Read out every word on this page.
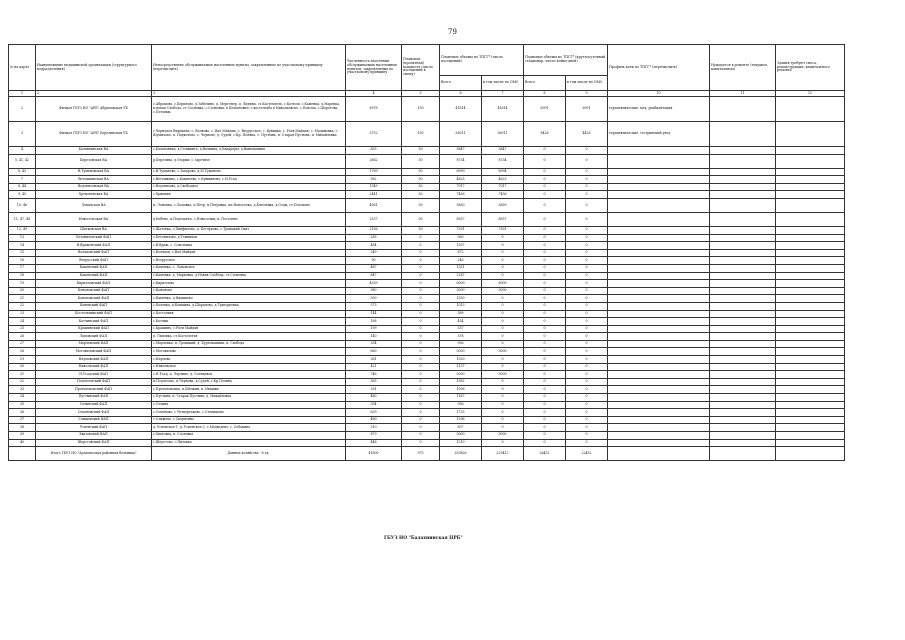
79
№ на карте	Наименование медицинской организации (структурного подразделения)	Непосредственно обслуживаемые населенные пункты, закрепленные по участковому принципу (перечислить)	Численность населения обслуживаемых населенных пунктов, закрепленных по участковому принципу	Плановая (проектная) мощность (число посещений в смену)	Плановые объемы по ТПГГ* (число посещений)		Плановые объемы по ТПГГ* (круглосуточный стационар, число койко-дней)		Профиль коек по ТПГГ* (перечислить)	Нуждается в ремонте (текущем, капитальном)	Здания требуют сноса, реконструкции, капитального ремонта
					Всего	в том числе по ОМС	Всего	в том числе по ОМС			
1	2	3	4	5	6	7	8	9	10	11	12
2	Филиал ГБУЗ НО "АРБ" Абрамовская УБ	с.Абрамово, с.Берилово, д.Забелино, д. Мергенер, д. Лидина, ст.Кастемтель, с.Котюси, с.Каменка, д.Маревка, п.новая Слобода, ст.Сосновка, с.Сосновка, в Шопенович, с.востелгаба в Николаевске, с.Пoяcмa, с.Шеретова, с.Петовкы.	6978	150	41614	41614	6991	6991	терапевтические, мед. реабилитация		
3	Филиал ГБУЗ НО "АРБ" Березинская УБ	с.Чернодол Вирекана, с. Волково, с. Вал Майдан, с. Вторусское, с. Кувицка, с. Роев Майдан, с. Малиновка, с. Шумилово, п. Подкотово, с. Чернове, д. Судей, с.Кр. Поляна, с. Пустынь, п. Старая Пустынь, п. Михайлевка	5752	150	36011	36011	8428	4428	терапевтические, сестринский уход		
4	Балахнинская ВА	с.Балахоняха, д.Селижига, д.Валпина, д.Бакареры, д.Ванюкаянка	835	50	5847	5847	0	0			
5, 41, 42	Березовская ВА	р.Березина, д.Озорки, с.Заречное	2662	50	8734	8734	0	0			
6, 43	В.Тумановская ВА	с.В.Туманово, с.Захарово, д.М.Туманово	1769	50	6990	6994	0	0			
7	Ветошкинская ВА	с.Ветошкино, с.Бакшеево, с.Кувшиново, с.Н.Усад	582	50	4625	4625	0	0			
8, 44	Водовизовская ВА	с.Водовизово, д.Свободное	1549	50	7017	7017	0	0			
9, 45	Хреновенская ВА	с.Хрипики	2441	50	7456	7456	0	0			
10, 46	Ломовская ВА	п. Ломовка, с.Ломовка, п.Петр, п.Петровка, пп.Новоселка, д.Ключевка, д.Озды, ст.Потоково	4561	50	5850	5850	0	0			
11, 47, 48	Новосельская ВА	д.Бебено, п.Поделаюсь, с.Новоселки, п. Поселено	2537	50	8557	8557	0	0			
12, 49	Шатковская ВА	с.Шатовка, с.Пинфилово, д. Беслуково, с.Троицкий Скит	2136	50	7391	7391	0	0			
13	Бетониловский ФАП	с.Бетонилово, д.Темников	285	0	560	0	0	0			
14	В.Враженский ФАП	с.В.Враж, с. Соколовка	484	0	1307	0	0	0			
15	Волчковский ФАП	с.Волчков, с.Вал Майдан	249	0	672	0	0	0			
16	Вторусский ФАП	с.Вторусское	90	0	243	0	0	0			
17	Каменский ФАП	с.Каменка, с. Ломовское	487	0	1351	0	0	0			
18	Каменский ФАП	с.Каменка, д. Марьевка, д.Новая Слобода, ст.Сосновка	847	0	2287	0	0	0			
19	Кирилловский ФАП	с.Кириллово	4339	0	6000	6000	0	0			
20	Кононовский ФАП	с.Кононово	980	0	3000	3000	0	0			
21	Коновомский ФАП	с.Каменка, д.Ивашково	500	0	1350	0	0	0			
22	Коневский ФАП	с.Колевка, д.Кошкина, д.Шарапово, д.Григорьевка	375	0	1013	0	0	0			
23	Костольнинский ФАП	с.Костольня	144	0	389	0	0	0			
24	Котчинский ФАП	с.Котчик	168	0	454	0	0	0			
25	Крашинский ФАП	с.Крашино, с.Роев Майдан	199	0	537	0	0	0			
26	Липовский ФАП	д. Липовка, ст.Костолетья	140	0	378	0	0	0			
27	Марчевский ФАП	с.Марчевка, п. Троицкий, д. Буртовашинк, п. Свобода	354	0	956	0	0	0			
28	Мотовиловский ФАП	с.Мотовилово	660	0	3000	3000	0	0			
29	Наумовский ФАП	с.Наумово	381	0	1029	0	0	0			
30	Никольский ФАП	с.Никольское	421	0	1137	0	0	0			
31	Н.Усадский ФАП	с.Н.Усад, д. Лаулино, д. Солнцевск	746	0	3000	3000	0	0			
32	Подлесовский ФАП	п.Подлесово, п.Чернова, д.Судей, с.Кр.Поляна	585	0	1582	0	0	0			
33	Протопоповский ФАП	с.Протопоповка, п.Шелкин, п. Ивашки	391	0	1056	0	0	0			
34	Пустынский ФАП	с.Пустынь, п. Старая Пустынь, д. Михайловка	480	0	1167	0	0	0			
35	Селинский ФАП	с.Селина	354	0	956	0	0	0			
36	Семеновский ФАП	с.Семеново, с.Четвертаково, с.Степищево	639	0	1725	0	0	0			
37	Слижевский ФАП	с.Слижево, с.Скорятино	480	0	1296	0	0	0			
38	Успенский ФАП	д. Успенское-1, д. Успенское-2, с.Медведево, с. Собакино	310	0	837	0	0	0			
39	Хватовский ФАП	с.Хватовка, п. Сосновка	879	0	3000	3000	0	0			
40	Шерстовский ФАП	с.Шерстово, с.Питавка	448	0	1210	0	0	0			
	Итого ГБУЗ НО "Арзамасская районная больница"	Данные хозяйства - 8 ед.	41800	975	250826	229412	26452	22452			
ГБУЗ НО "Балахнинская ЦРБ"
